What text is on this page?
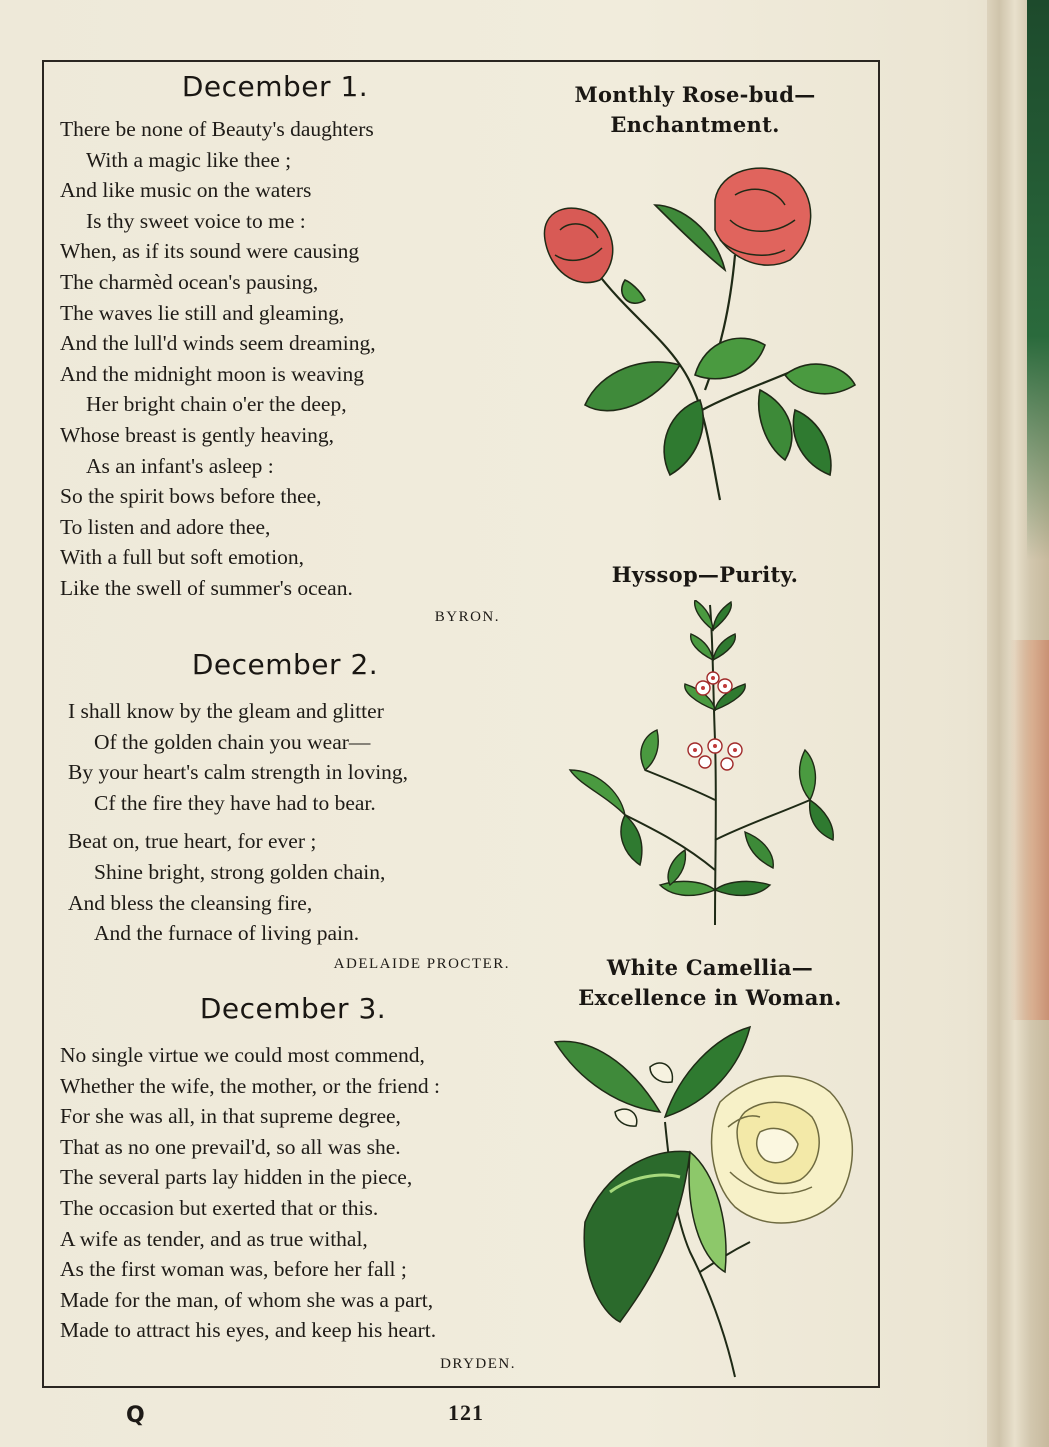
December 1.
There be none of Beauty's daughters
With a magic like thee ;
And like music on the waters
Is thy sweet voice to me :
When, as if its sound were causing
The charmèd ocean's pausing,
The waves lie still and gleaming,
And the lull'd winds seem dreaming,
And the midnight moon is weaving
Her bright chain o'er the deep,
Whose breast is gently heaving,
As an infant's asleep :
So the spirit bows before thee,
To listen and adore thee,
With a full but soft emotion,
Like the swell of summer's ocean.
BYRON.
December 2.
I shall know by the gleam and glitter
Of the golden chain you wear—
By your heart's calm strength in loving,
Cf the fire they have had to bear.
Beat on, true heart, for ever ;
Shine bright, strong golden chain,
And bless the cleansing fire,
And the furnace of living pain.
ADELAIDE PROCTER.
December 3.
No single virtue we could most commend,
Whether the wife, the mother, or the friend :
For she was all, in that supreme degree,
That as no one prevail'd, so all was she.
The several parts lay hidden in the piece,
The occasion but exerted that or this.
A wife as tender, and as true withal,
As the first woman was, before her fall ;
Made for the man, of whom she was a part,
Made to attract his eyes, and keep his heart.
DRYDEN.
Monthly Rose-bud—
Enchantment.
Hyssop—Purity.
White Camellia—
Excellence in Woman.
Q	121
